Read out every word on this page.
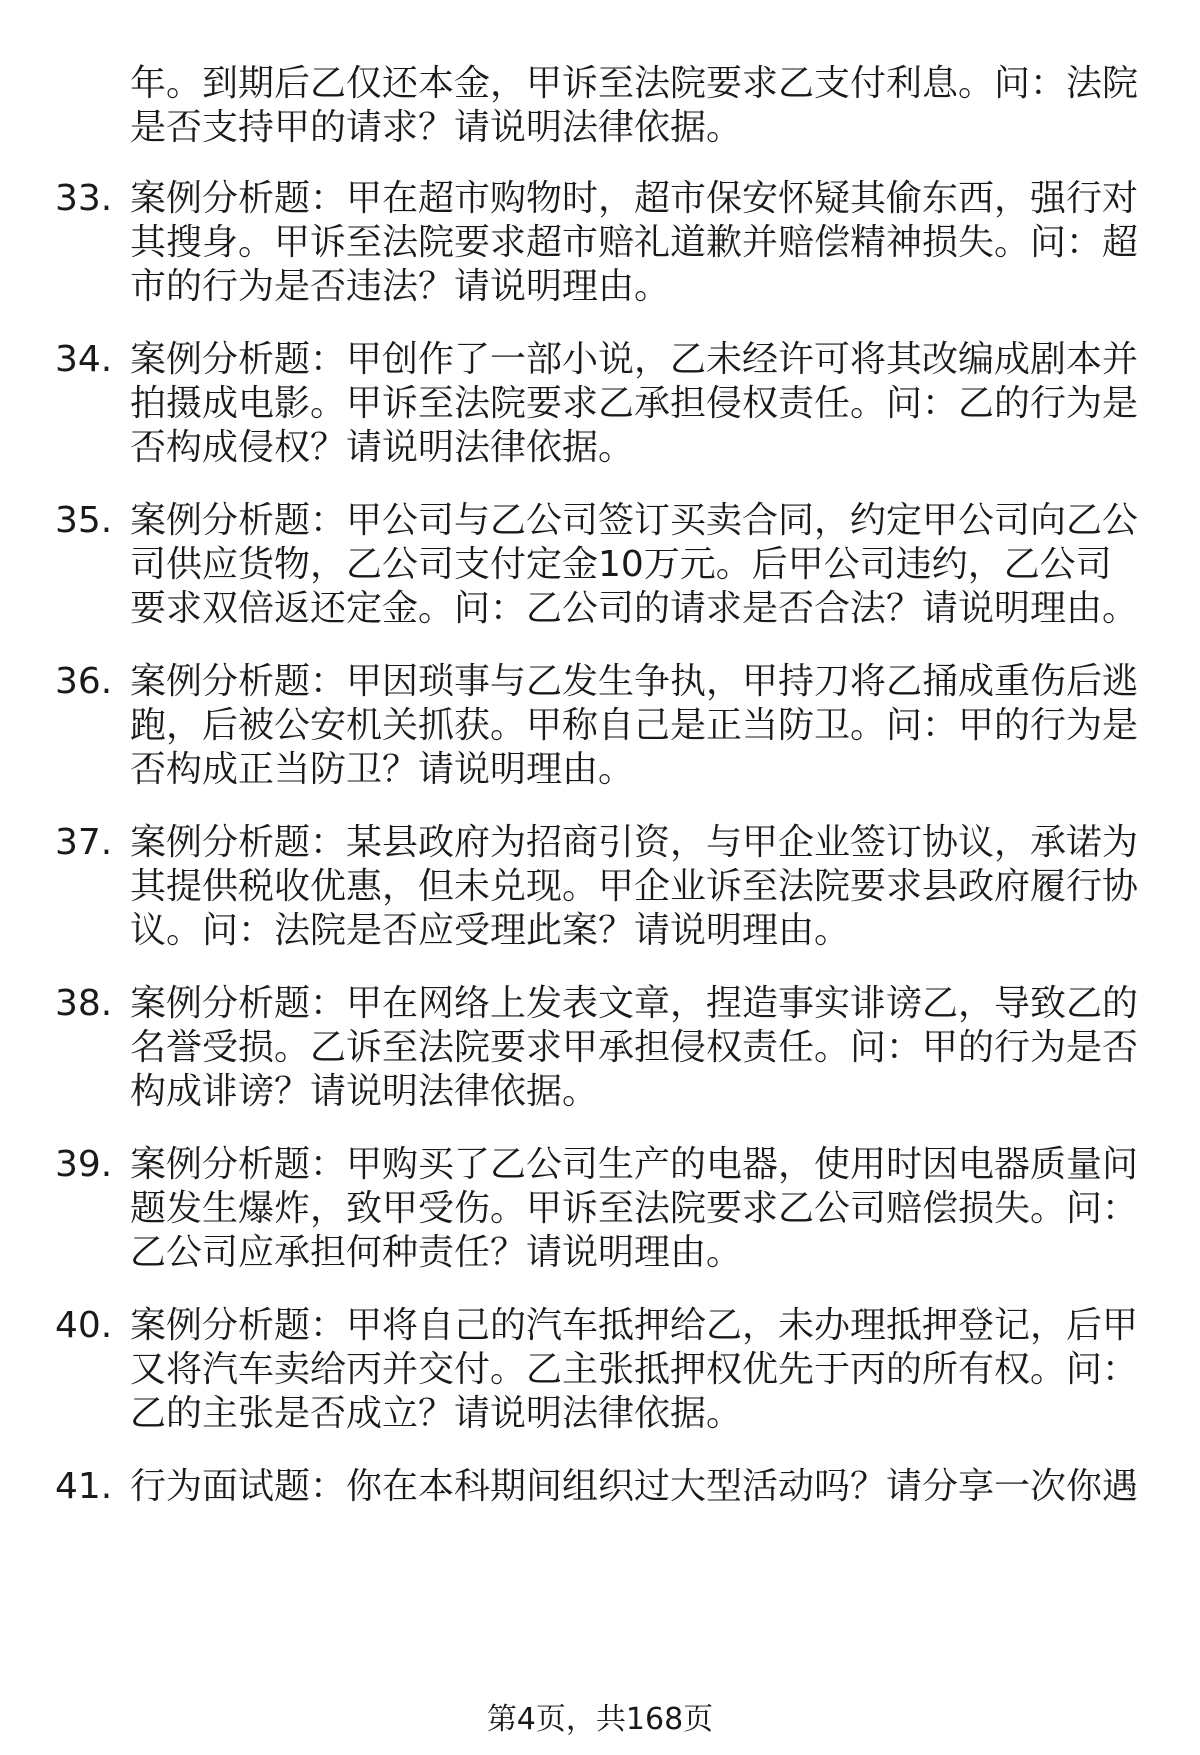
年。到期后乙仅还本金，甲诉至法院要求乙支付利息。问：法院是否支持甲的请求？请说明法律依据。

33. 案例分析题：甲在超市购物时，超市保安怀疑其偷东西，强行对其搜身。甲诉至法院要求超市赔礼道歉并赔偿精神损失。问：超市的行为是否违法？请说明理由。
34. 案例分析题：甲创作了一部小说，乙未经许可将其改编成剧本并拍摄成电影。甲诉至法院要求乙承担侵权责任。问：乙的行为是否构成侵权？请说明法律依据。
35. 案例分析题：甲公司与乙公司签订买卖合同，约定甲公司向乙公司供应货物，乙公司支付定金10万元。后甲公司违约，乙公司要求双倍返还定金。问：乙公司的请求是否合法？请说明理由。
36. 案例分析题：甲因琐事与乙发生争执，甲持刀将乙捅成重伤后逃跑，后被公安机关抓获。甲称自己是正当防卫。问：甲的行为是否构成正当防卫？请说明理由。
37. 案例分析题：某县政府为招商引资，与甲企业签订协议，承诺为其提供税收优惠，但未兑现。甲企业诉至法院要求县政府履行协议。问：法院是否应受理此案？请说明理由。
38. 案例分析题：甲在网络上发表文章，捏造事实诽谤乙，导致乙的名誉受损。乙诉至法院要求甲承担侵权责任。问：甲的行为是否构成诽谤？请说明法律依据。
39. 案例分析题：甲购买了乙公司生产的电器，使用时因电器质量问题发生爆炸，致甲受伤。甲诉至法院要求乙公司赔偿损失。问：乙公司应承担何种责任？请说明理由。
40. 案例分析题：甲将自己的汽车抵押给乙，未办理抵押登记，后甲又将汽车卖给丙并交付。乙主张抵押权优先于丙的所有权。问：乙的主张是否成立？请说明法律依据。
41. 行为面试题：你在本科期间组织过大型活动吗？请分享一次你遇
第4页，共168页
